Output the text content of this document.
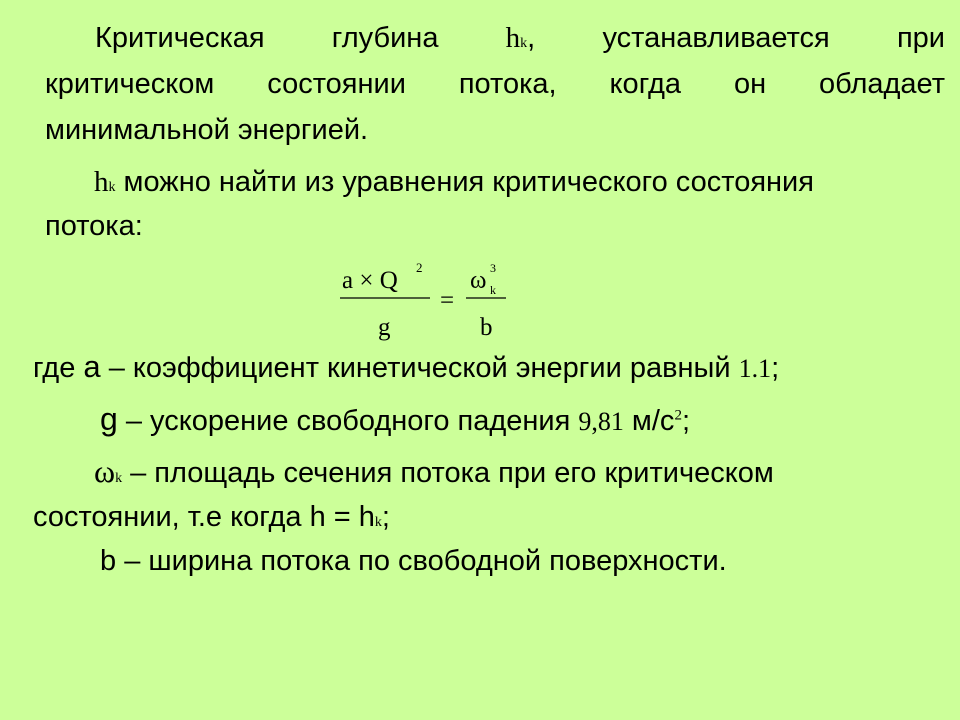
Критическая глубина hk, устанавливается при
критическом состоянии потока, когда он обладает
минимальной энергией.
hk можно найти из уравнения критического состояния
потока:
a × Q 2
g
=
ω 3
k
b
где a – коэффициент кинетической энергии равный 1.1;
g – ускорение свободного падения 9,81 $м/с^2$;
ωk – площадь сечения потока при его критическом
состоянии, т.е когда h = hk;
b – ширина потока по свободной поверхности.
